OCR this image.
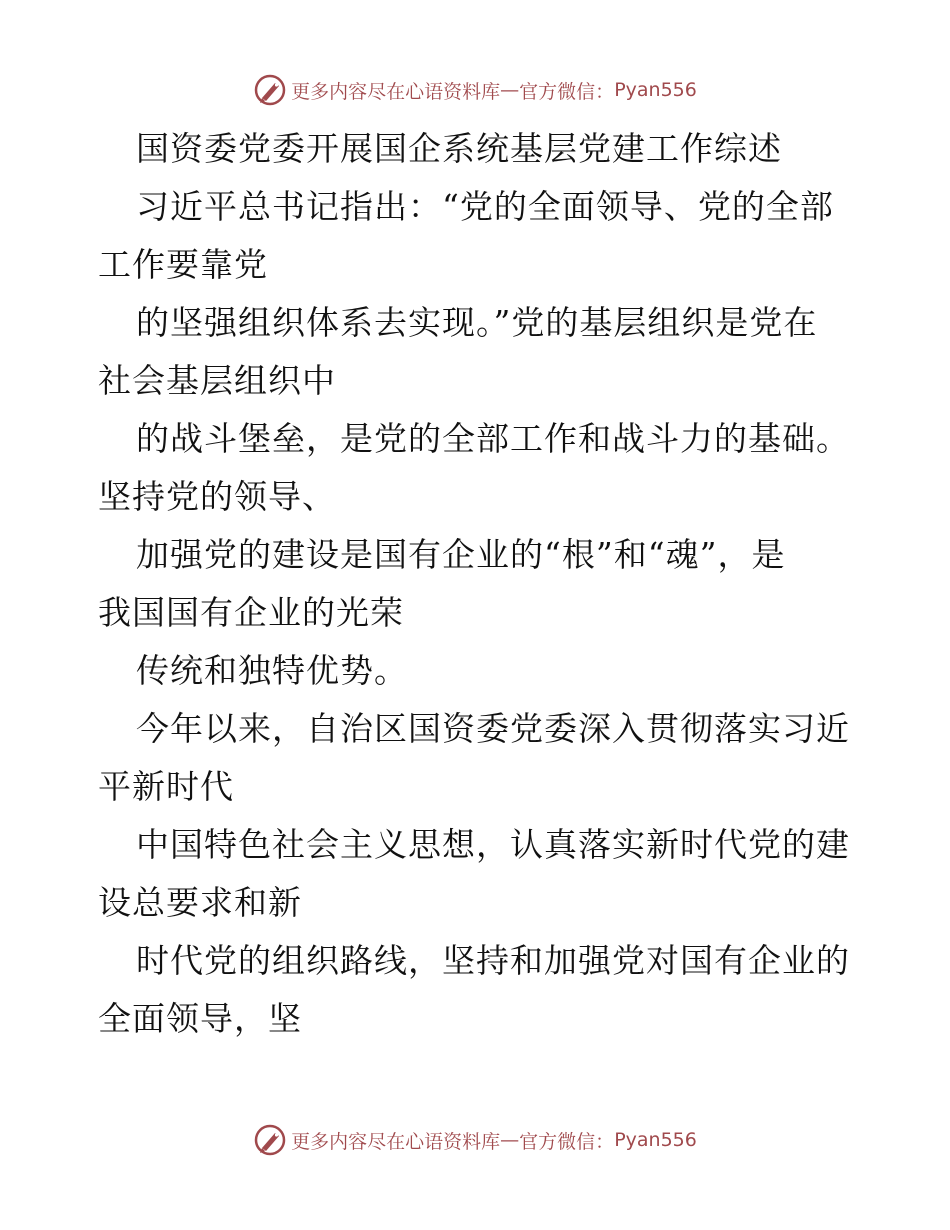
更多内容尽在心语资料库 — 官方微信： Pyan556
国资委党委开展国企系统基层党建工作综述
习近平总书记指出：“党的全面领导、党的全部
工作要靠党
的坚强组织体系去实现。”党的基层组织是党在
社会基层组织中
的战斗堡垒，是党的全部工作和战斗力的基础。
坚持党的领导、
加强党的建设是国有企业的“根”和“魂”，是
我国国有企业的光荣
传统和独特优势。
今年以来，自治区国资委党委深入贯彻落实习近
平新时代
中国特色社会主义思想，认真落实新时代党的建
设总要求和新
时代党的组织路线，坚持和加强党对国有企业的
全面领导，坚
更多内容尽在心语资料库 — 官方微信： Pyan556
